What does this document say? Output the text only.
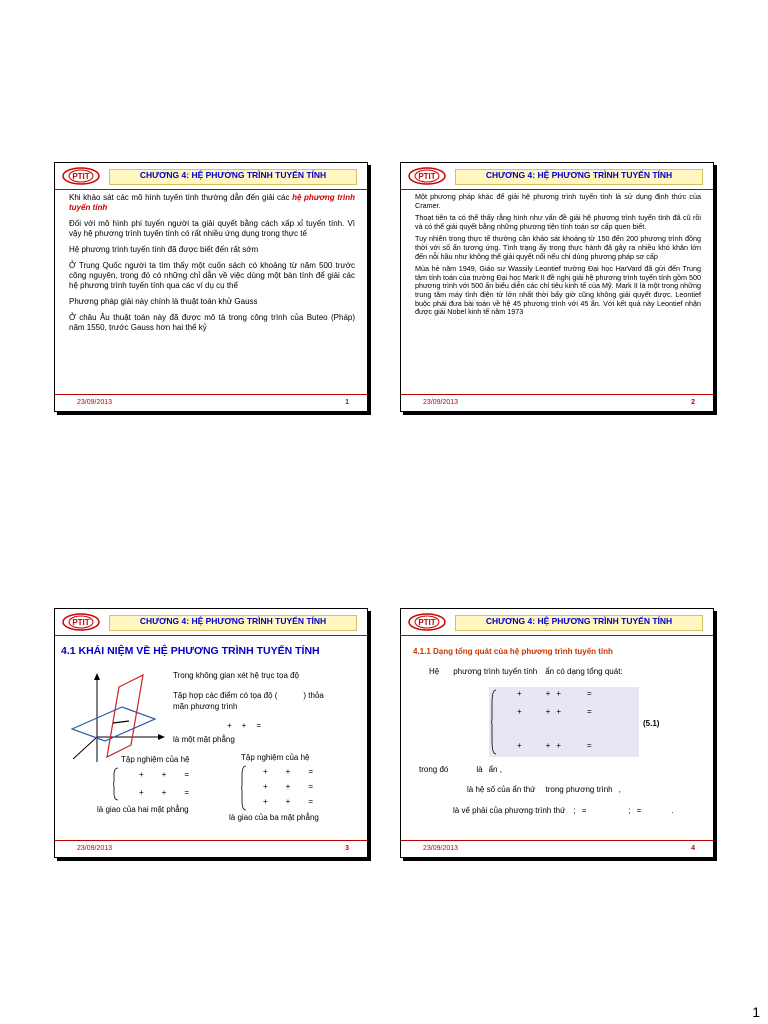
PTIT	CHƯƠNG 4: HỆ PHƯƠNG TRÌNH TUYẾN TÍNH

Khi khảo sát các mô hình tuyến tính thường dẫn đến giải các hệ phương trình tuyến tính

Đối với mô hình phi tuyến người ta giải quyết bằng cách xấp xỉ tuyến tính. Vì vậy hệ phương trình tuyến tính có rất nhiều ứng dụng trong thực tế

Hệ phương trình tuyến tính đã được biết đến rất sớm

Ở Trung Quốc người ta tìm thấy một cuốn sách có khoảng từ năm 500 trước công nguyên, trong đó có những chỉ dẫn về việc dùng một bàn tính để giải các hệ phương trình tuyến tính qua các ví dụ cụ thể

Phương pháp giải này chính là thuật toán khử Gauss

Ở châu Âu thuật toán này đã được mô tả trong công trình của Buteo (Pháp) năm 1550, trước Gauss hơn hai thế kỷ

23/09/2013	1
PTIT	CHƯƠNG 4: HỆ PHƯƠNG TRÌNH TUYẾN TÍNH

Một phương pháp khác để giải hệ phương trình tuyến tính là sử dụng định thức của Cramer.

Thoạt tiên ta có thể thấy rằng hình như vấn đề giải hệ phương trình tuyến tính đã cũ rồi và có thể giải quyết bằng những phương tiện tính toán sơ cấp quen biết.

Tuy nhiên trong thực tế thường cần khảo sát khoảng từ 150 đến 200 phương trình đồng thời với số ẩn tương ứng. Tình trạng ấy trong thực hành đã gây ra nhiều khó khăn lớn đến nỗi hầu như không thể giải quyết nổi nếu chỉ dùng phương pháp sơ cấp

Mùa hè năm 1949, Giáo sư Wassily Leontief trường Đại học HarVard đã gửi đến Trung tâm tính toán của trường Đại học Mark II đề nghị giải hệ phương trình tuyến tính gồm 500 phương trình với 500 ẩn biểu diễn các chỉ tiêu kinh tế của Mỹ. Mark II là một trong những trung tâm máy tính điện tử lớn nhất thời bấy giờ cũng không giải quyết được. Leontief buộc phải đưa bài toán về hệ 45 phương trình với 45 ẩn. Với kết quả này Leontief nhận được giải Nobel kinh tế năm 1973

23/09/2013	2
PTIT	CHƯƠNG 4: HỆ PHƯƠNG TRÌNH TUYẾN TÍNH
4.1 KHÁI NIỆM VỀ HỆ PHƯƠNG TRÌNH TUYẾN TÍNH
Trong không gian xét hệ trục tọa độ
Tập hợp các điểm có tọa độ (	) thỏa
mãn phương trình
+ + =
là một mặt phẳng
Tập nghiệm của hệ	Tập nghiệm của hệ
+ + =
+ + =
là giao của hai mặt phẳng
+ + =
+ + =
+ + =
là giao của ba mặt phẳng
23/09/2013	3
PTIT	CHƯƠNG 4: HỆ PHƯƠNG TRÌNH TUYẾN TÍNH
4.1.1 Dạng tổng quát của hệ phương trình tuyến tính
Hệ phương trình tuyến tính ẩn có dạng tổng quát:
+	+ +	=
+	+ +	=
+	+ +	=
(5.1)
trong đó	là ẩn ,
là hệ số của ẩn thứ trong phương trình ,
là vế phải của phương trình thứ ; =	; =	.
23/09/2013	4
1
